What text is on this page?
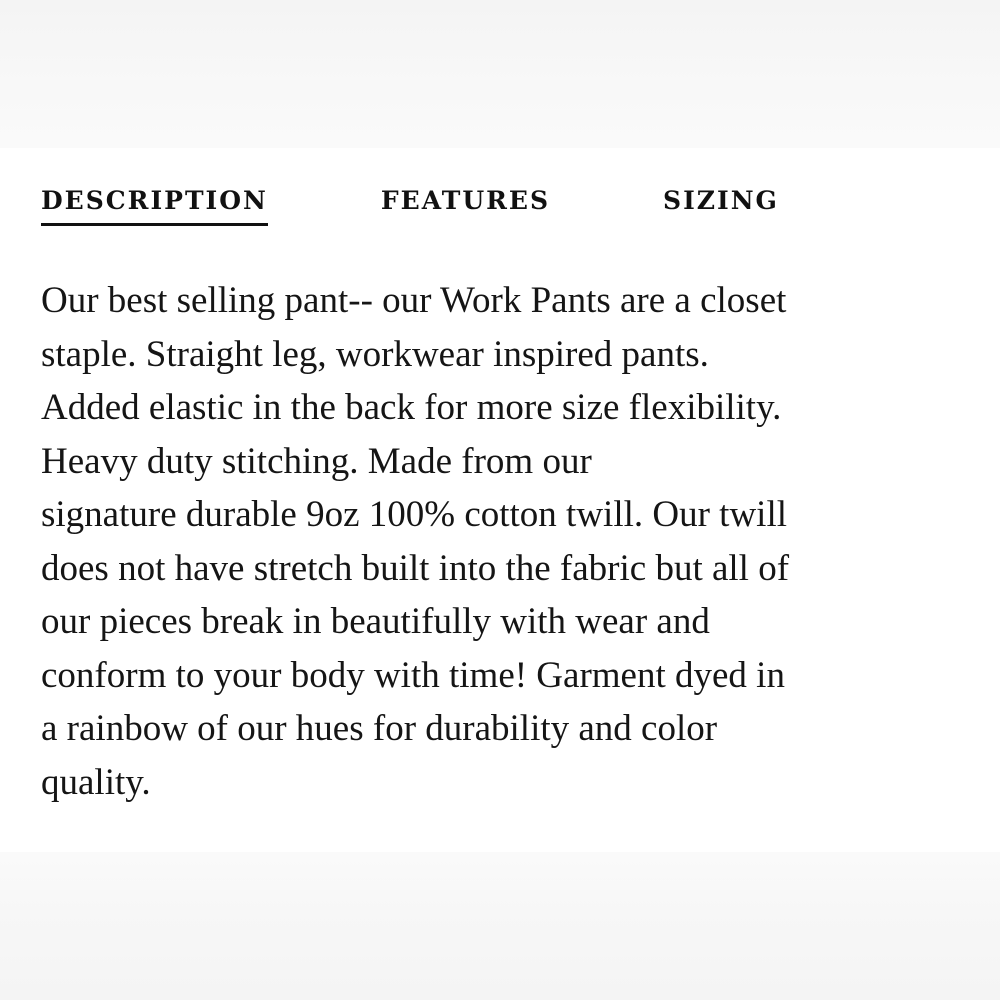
DESCRIPTION	FEATURES	SIZING

Our best selling pant-- our Work Pants are a closet
staple. Straight leg, workwear inspired pants.
Added elastic in the back for more size flexibility.
Heavy duty stitching. Made from our
signature durable 9oz 100% cotton twill. Our twill
does not have stretch built into the fabric but all of
our pieces break in beautifully with wear and
conform to your body with time! Garment dyed in
a rainbow of our hues for durability and color
quality.
